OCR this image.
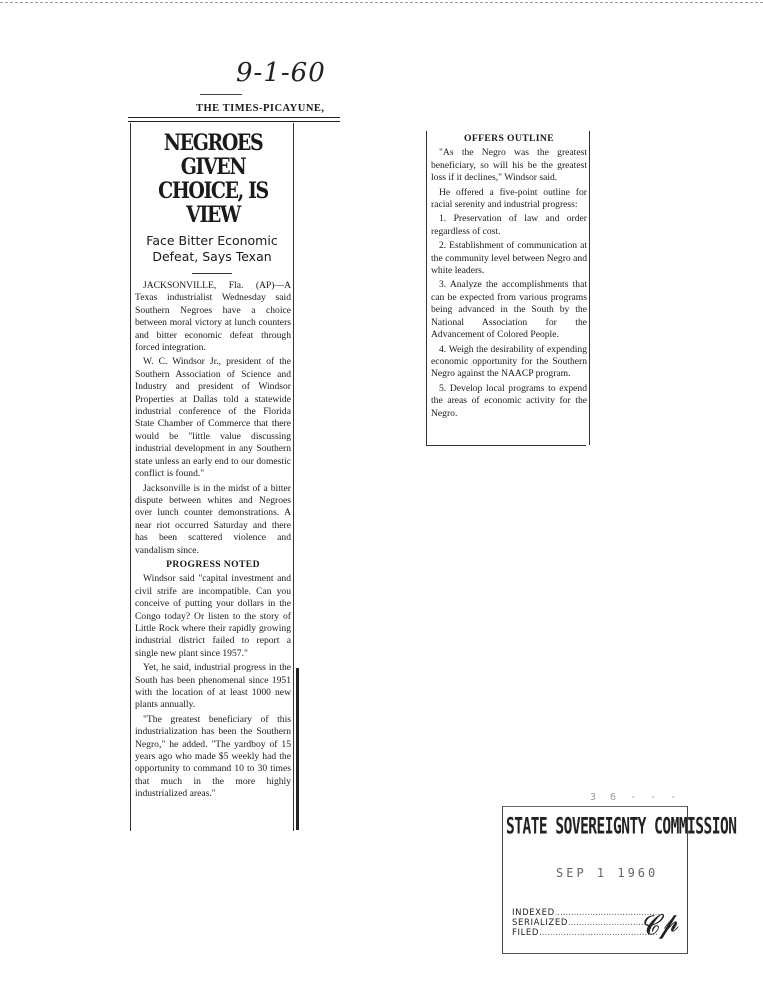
9-1-60
THE TIMES-PICAYUNE,
NEGROES GIVEN
CHOICE, IS VIEW
Face Bitter Economic Defeat, Says Texan

JACKSONVILLE, Fla. (AP)—A Texas industrialist Wednesday said Southern Negroes have a choice between moral victory at lunch counters and bitter economic defeat through forced integration.

W. C. Windsor Jr., president of the Southern Association of Science and Industry and president of Windsor Properties at Dallas told a statewide industrial conference of the Florida State Chamber of Commerce that there would be "little value discussing industrial development in any Southern state unless an early end to our domestic conflict is found."

Jacksonville is in the midst of a bitter dispute between whites and Negroes over lunch counter demonstrations. A near riot occurred Saturday and there has been scattered violence and vandalism since.

PROGRESS NOTED

Windsor said "capital investment and civil strife are incompatible. Can you conceive of putting your dollars in the Congo today? Or listen to the story of Little Rock where their rapidly growing industrial district failed to report a single new plant since 1957."

Yet, he said, industrial progress in the South has been phenomenal since 1951 with the location of at least 1000 new plants annually.

"The greatest beneficiary of this industrialization has been the Southern Negro," he added. "The yardboy of 15 years ago who made $5 weekly had the opportunity to command 10 to 30 times that much in the more highly industrialized areas."

OFFERS OUTLINE

"As the Negro was the greatest beneficiary, so will his be the greatest loss if it declines," Windsor said.

He offered a five-point outline for racial serenity and industrial progress:

1. Preservation of law and order regardless of cost.

2. Establishment of communication at the community level between Negro and white leaders.

3. Analyze the accomplishments that can be expected from various programs being advanced in the South by the National Association for the Advancement of Colored People.

4. Weigh the desirability of expending economic opportunity for the Southern Negro against the NAACP program.

5. Develop local programs to expend the areas of economic activity for the Negro.

3 6 - - -
STATE SOVEREIGNTY COMMISSION
SEP 1 1960
INDEXED........................................
SERIALIZED................................
FILED............................................
𝓒𝓹
